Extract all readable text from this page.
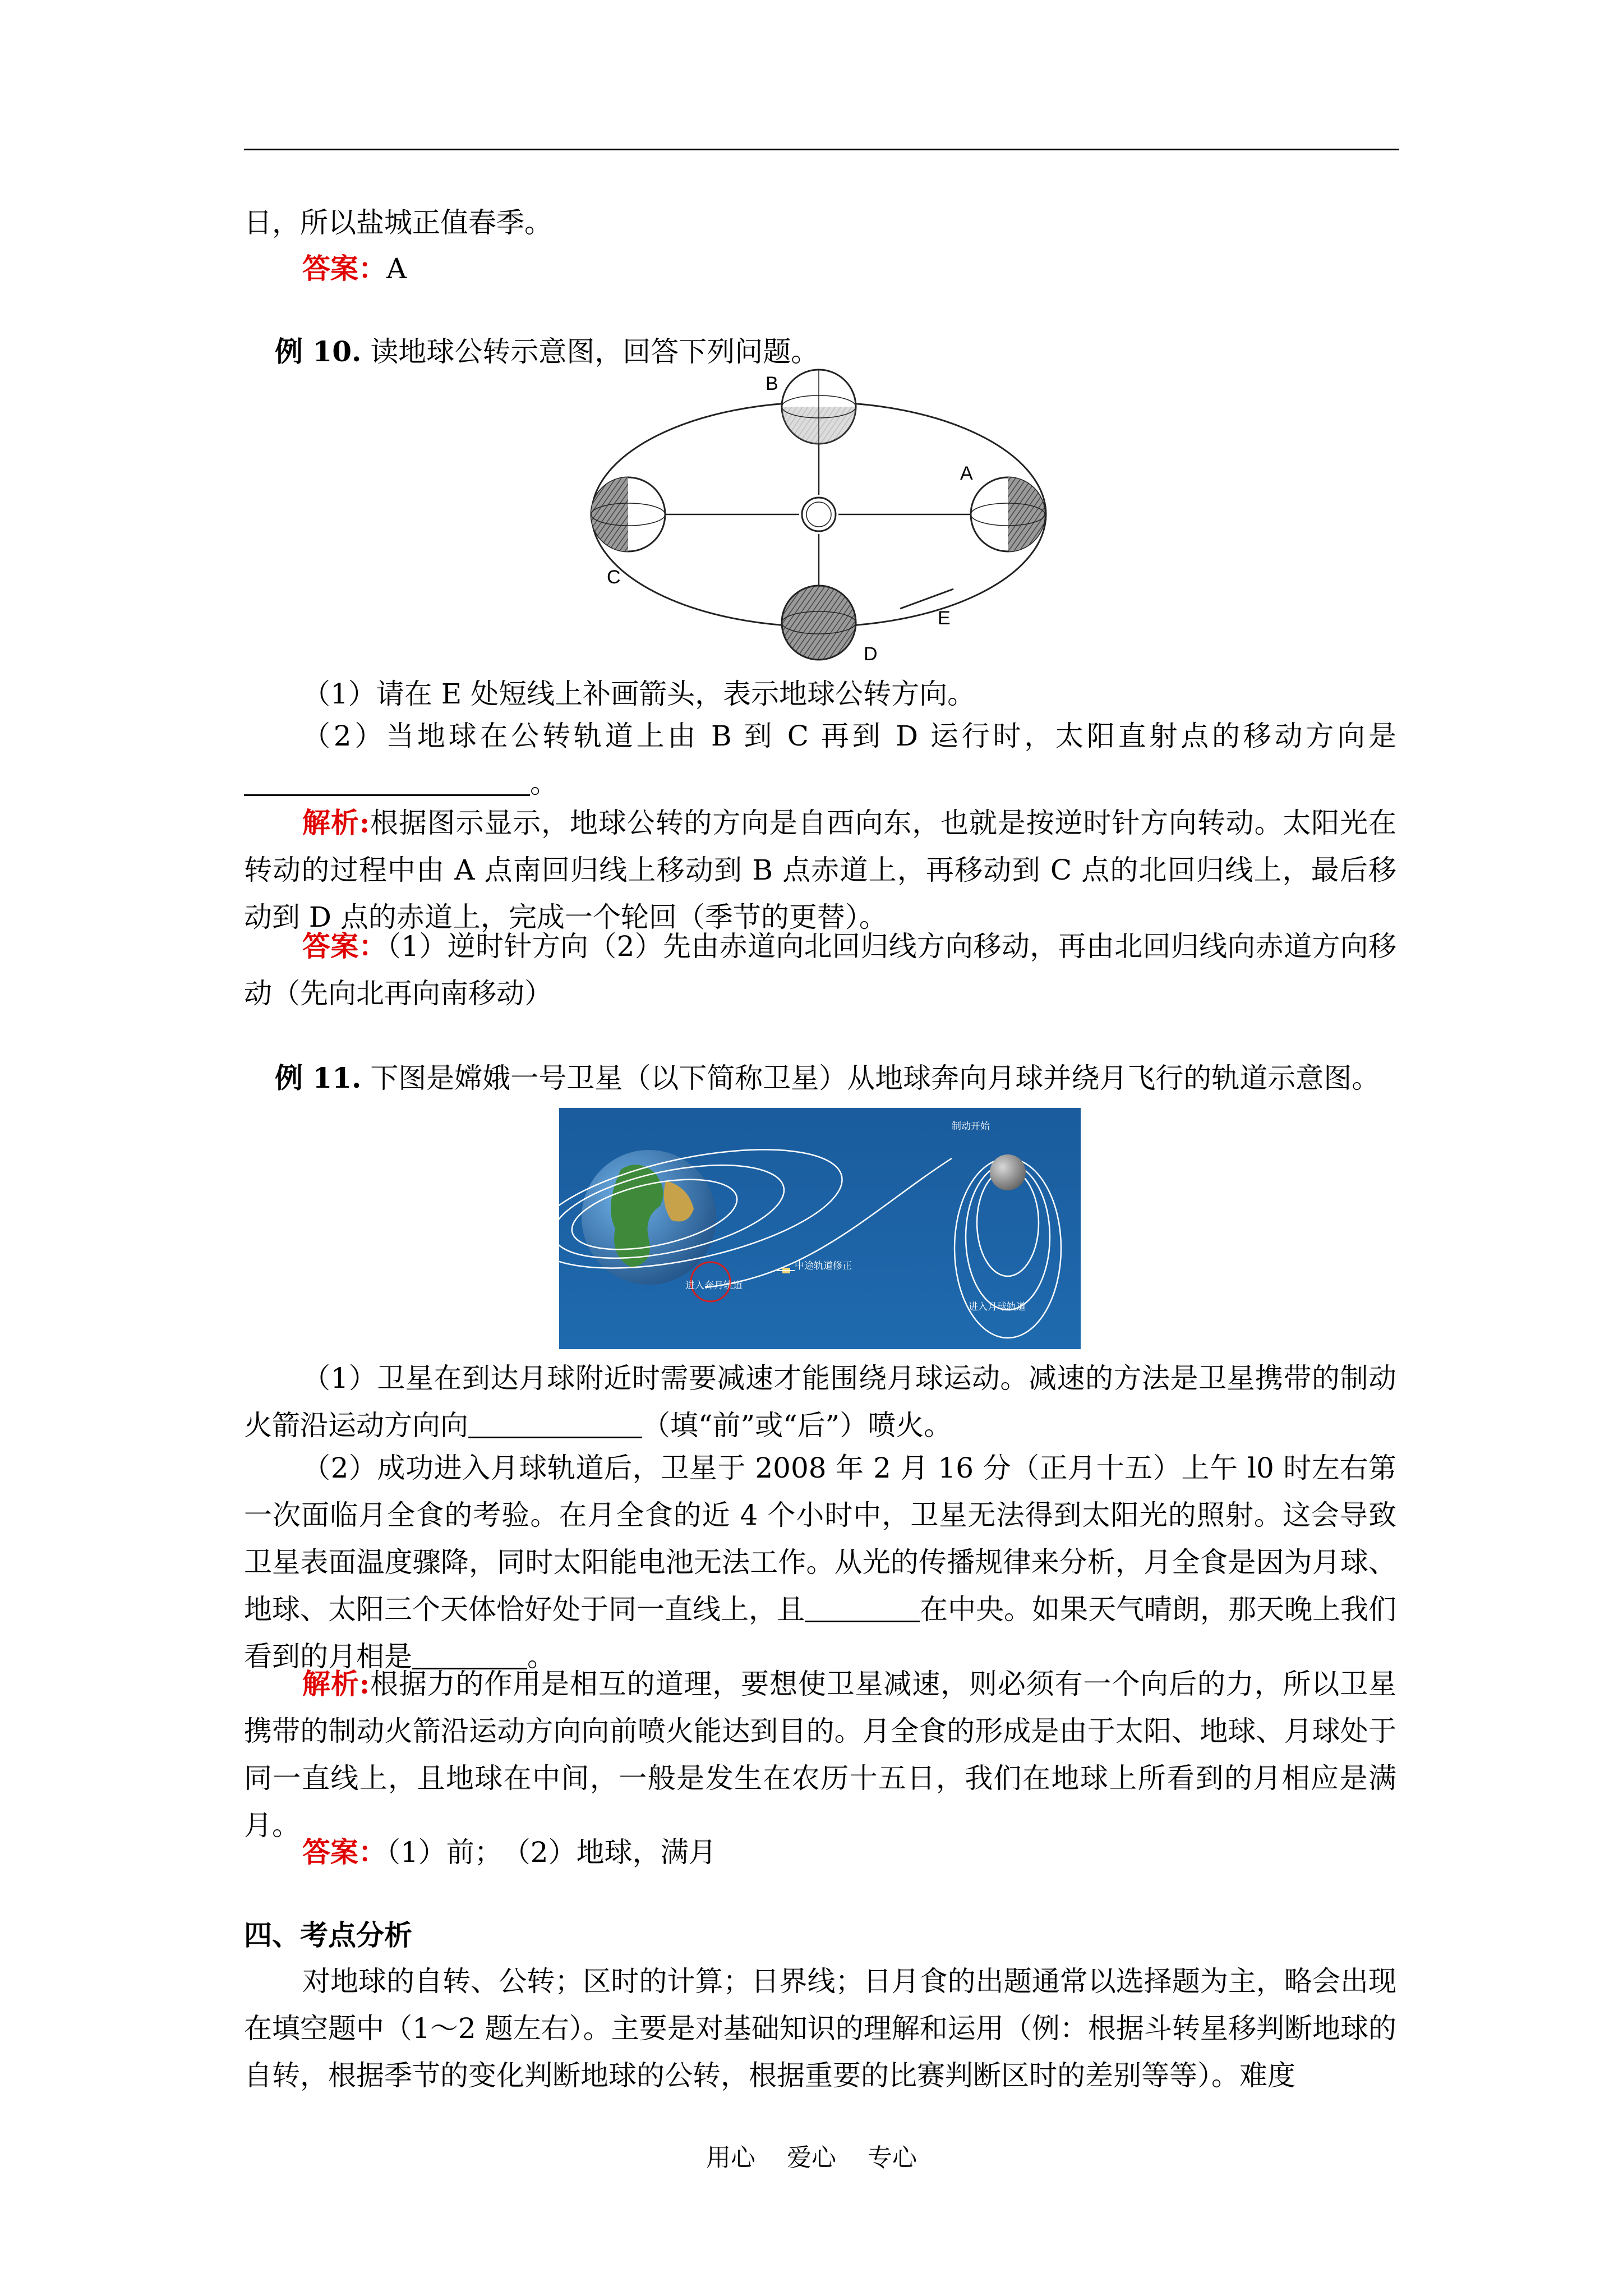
日，所以盐城正值春季。

答案：A

例 10. 读地球公转示意图，回答下列问题。

B
A
C
D
E

（1）请在 E 处短线上补画箭头，表示地球公转方向。

（2）当地球在公转轨道上由 B 到 C 再到 D 运行时，太阳直射点的移动方向是。

解析:根据图示显示，地球公转的方向是自西向东，也就是按逆时针方向转动。太阳光在转动的过程中由 A 点南回归线上移动到 B 点赤道上，再移动到 C 点的北回归线上，最后移动到 D 点的赤道上，完成一个轮回（季节的更替）。

答案：（1）逆时针方向（2）先由赤道向北回归线方向移动，再由北回归线向赤道方向移动（先向北再向南移动）

例 11. 下图是嫦娥一号卫星（以下简称卫星）从地球奔向月球并绕月飞行的轨道示意图。

制动开始
中途轨道修正
进入奔月轨道
进入月球轨道

（1）卫星在到达月球附近时需要减速才能围绕月球运动。减速的方法是卫星携带的制动火箭沿运动方向向	（填“前”或“后”）喷火。

（2）成功进入月球轨道后，卫星于 2008 年 2 月 16 分（正月十五）上午 l0 时左右第一次面临月全食的考验。在月全食的近 4 个小时中，卫星无法得到太阳光的照射。这会导致卫星表面温度骤降，同时太阳能电池无法工作。从光的传播规律来分析，月全食是因为月球、地球、太阳三个天体恰好处于同一直线上，且	在中央。如果天气晴朗，那天晚上我们看到的月相是	。

解析:根据力的作用是相互的道理，要想使卫星减速，则必须有一个向后的力，所以卫星携带的制动火箭沿运动方向向前喷火能达到目的。月全食的形成是由于太阳、地球、月球处于同一直线上，且地球在中间，一般是发生在农历十五日，我们在地球上所看到的月相应是满月。

答案：（1）前；　（2）地球，满月

四、考点分析

对地球的自转、公转；区时的计算；日界线；日月食的出题通常以选择题为主，略会出现在填空题中（1～2 题左右）。主要是对基础知识的理解和运用（例：根据斗转星移判断地球的自转，根据季节的变化判断地球的公转，根据重要的比赛判断区时的差别等等）。难度

用心 爱心 专心
